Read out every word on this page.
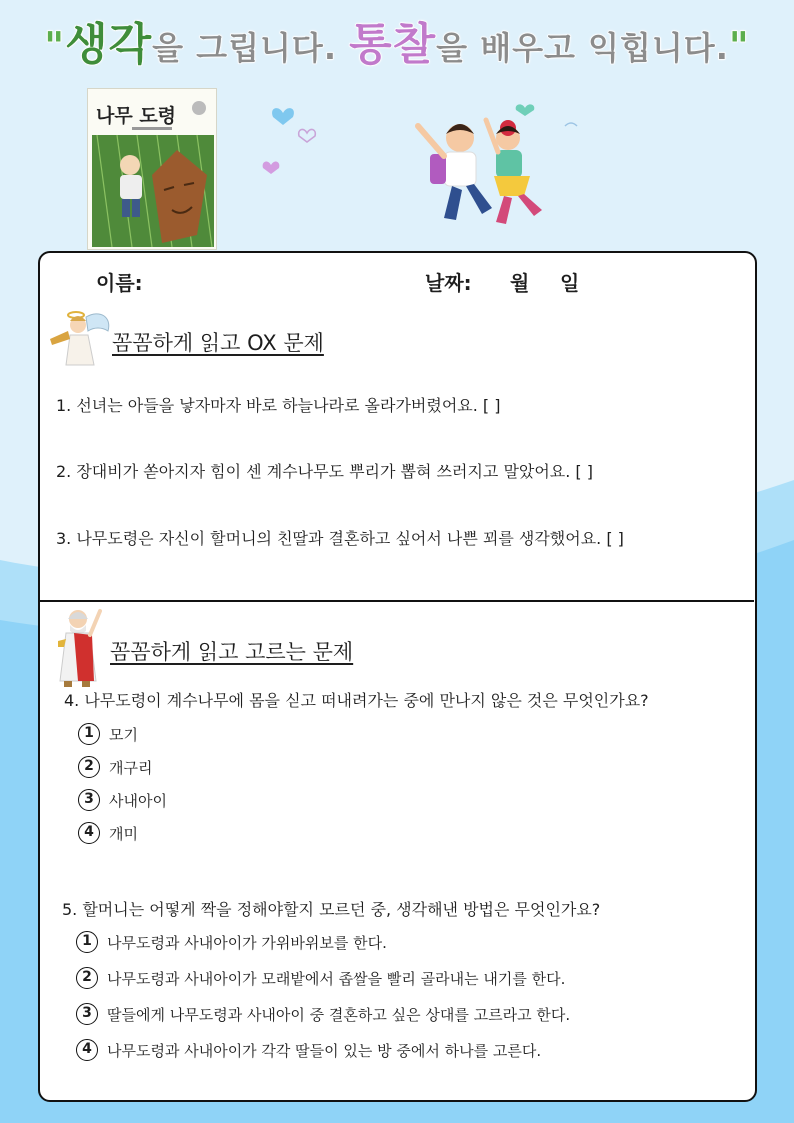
"생각을 그립니다. 통찰을 배우고 익힙니다."
나무 도령
이름:	날짜: 월 일
꼼꼼하게 읽고 OX 문제
1. 선녀는 아들을 낳자마자 바로 하늘나라로 올라가버렸어요. [ ]
2. 장대비가 쏟아지자 힘이 센 계수나무도 뿌리가 뽑혀 쓰러지고 말았어요. [ ]
3. 나무도령은 자신이 할머니의 친딸과 결혼하고 싶어서 나쁜 꾀를 생각했어요. [ ]
꼼꼼하게 읽고 고르는 문제
4. 나무도령이 계수나무에 몸을 싣고 떠내려가는 중에 만나지 않은 것은 무엇인가요?
1	모기
2	개구리
3	사내아이
4	개미
5. 할머니는 어떻게 짝을 정해야할지 모르던 중, 생각해낸 방법은 무엇인가요?
1	나무도령과 사내아이가 가위바위보를 한다.
2	나무도령과 사내아이가 모래밭에서 좁쌀을 빨리 골라내는 내기를 한다.
3	딸들에게 나무도령과 사내아이 중 결혼하고 싶은 상대를 고르라고 한다.
4	나무도령과 사내아이가 각각 딸들이 있는 방 중에서 하나를 고른다.
